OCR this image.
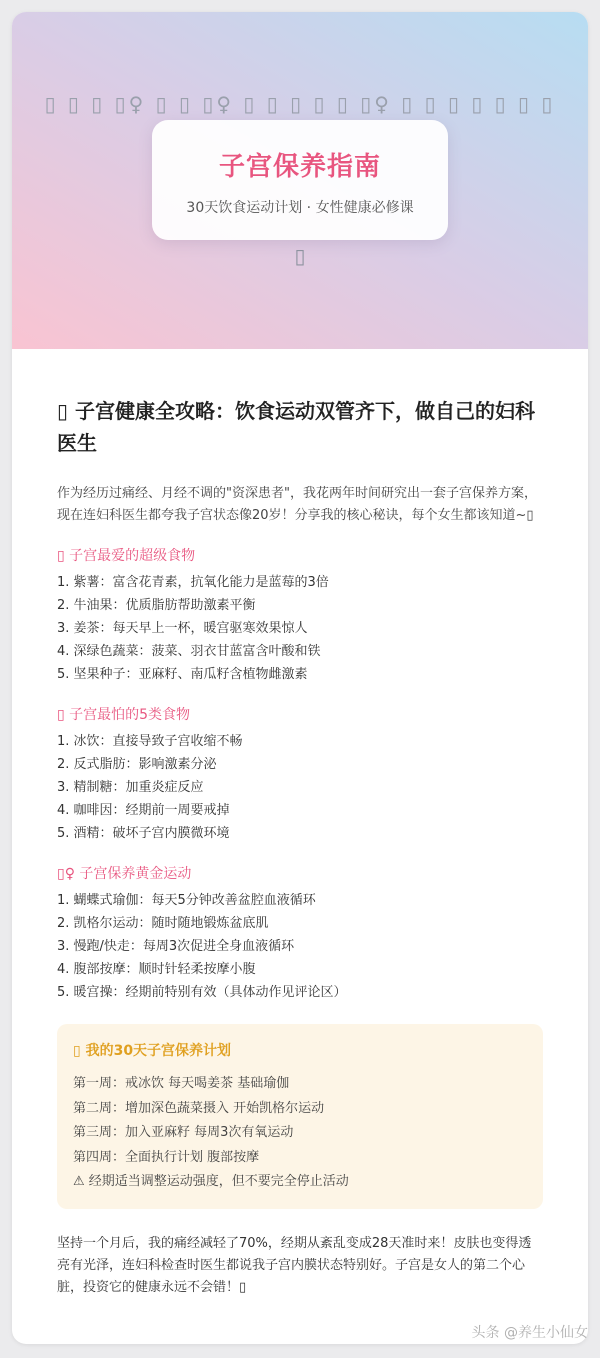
▯ ▯ ▯ ▯♀ ▯ ▯ ▯♀ ▯ ▯ ▯ ▯ ▯ ▯♀ ▯ ▯ ▯ ▯ ▯ ▯ ▯
子宫保养指南
30天饮食运动计划 · 女性健康必修课
▯
▯ 子宫健康全攻略：饮食运动双管齐下，做自己的妇科医生

作为经历过痛经、月经不调的"资深患者"，我花两年时间研究出一套子宫保养方案，现在连妇科医生都夸我子宫状态像20岁！分享我的核心秘诀，每个女生都该知道~▯

▯ 子宫最爱的超级食物
1. 紫薯：富含花青素，抗氧化能力是蓝莓的3倍
2. 牛油果：优质脂肪帮助激素平衡
3. 姜茶：每天早上一杯，暖宫驱寒效果惊人
4. 深绿色蔬菜：菠菜、羽衣甘蓝富含叶酸和铁
5. 坚果种子：亚麻籽、南瓜籽含植物雌激素
▯ 子宫最怕的5类食物
1. 冰饮：直接导致子宫收缩不畅
2. 反式脂肪：影响激素分泌
3. 精制糖：加重炎症反应
4. 咖啡因：经期前一周要戒掉
5. 酒精：破坏子宫内膜微环境
▯♀ 子宫保养黄金运动
1. 蝴蝶式瑜伽：每天5分钟改善盆腔血液循环
2. 凯格尔运动：随时随地锻炼盆底肌
3. 慢跑/快走：每周3次促进全身血液循环
4. 腹部按摩：顺时针轻柔按摩小腹
5. 暖宫操：经期前特别有效（具体动作见评论区）
▯ 我的30天子宫保养计划
第一周：戒冰饮 每天喝姜茶 基础瑜伽
第二周：增加深色蔬菜摄入 开始凯格尔运动
第三周：加入亚麻籽 每周3次有氧运动
第四周：全面执行计划 腹部按摩
⚠ 经期适当调整运动强度，但不要完全停止活动

坚持一个月后，我的痛经减轻了70%，经期从紊乱变成28天准时来！皮肤也变得透亮有光泽，连妇科检查时医生都说我子宫内膜状态特别好。子宫是女人的第二个心脏，投资它的健康永远不会错！▯

头条 @养生小仙女
